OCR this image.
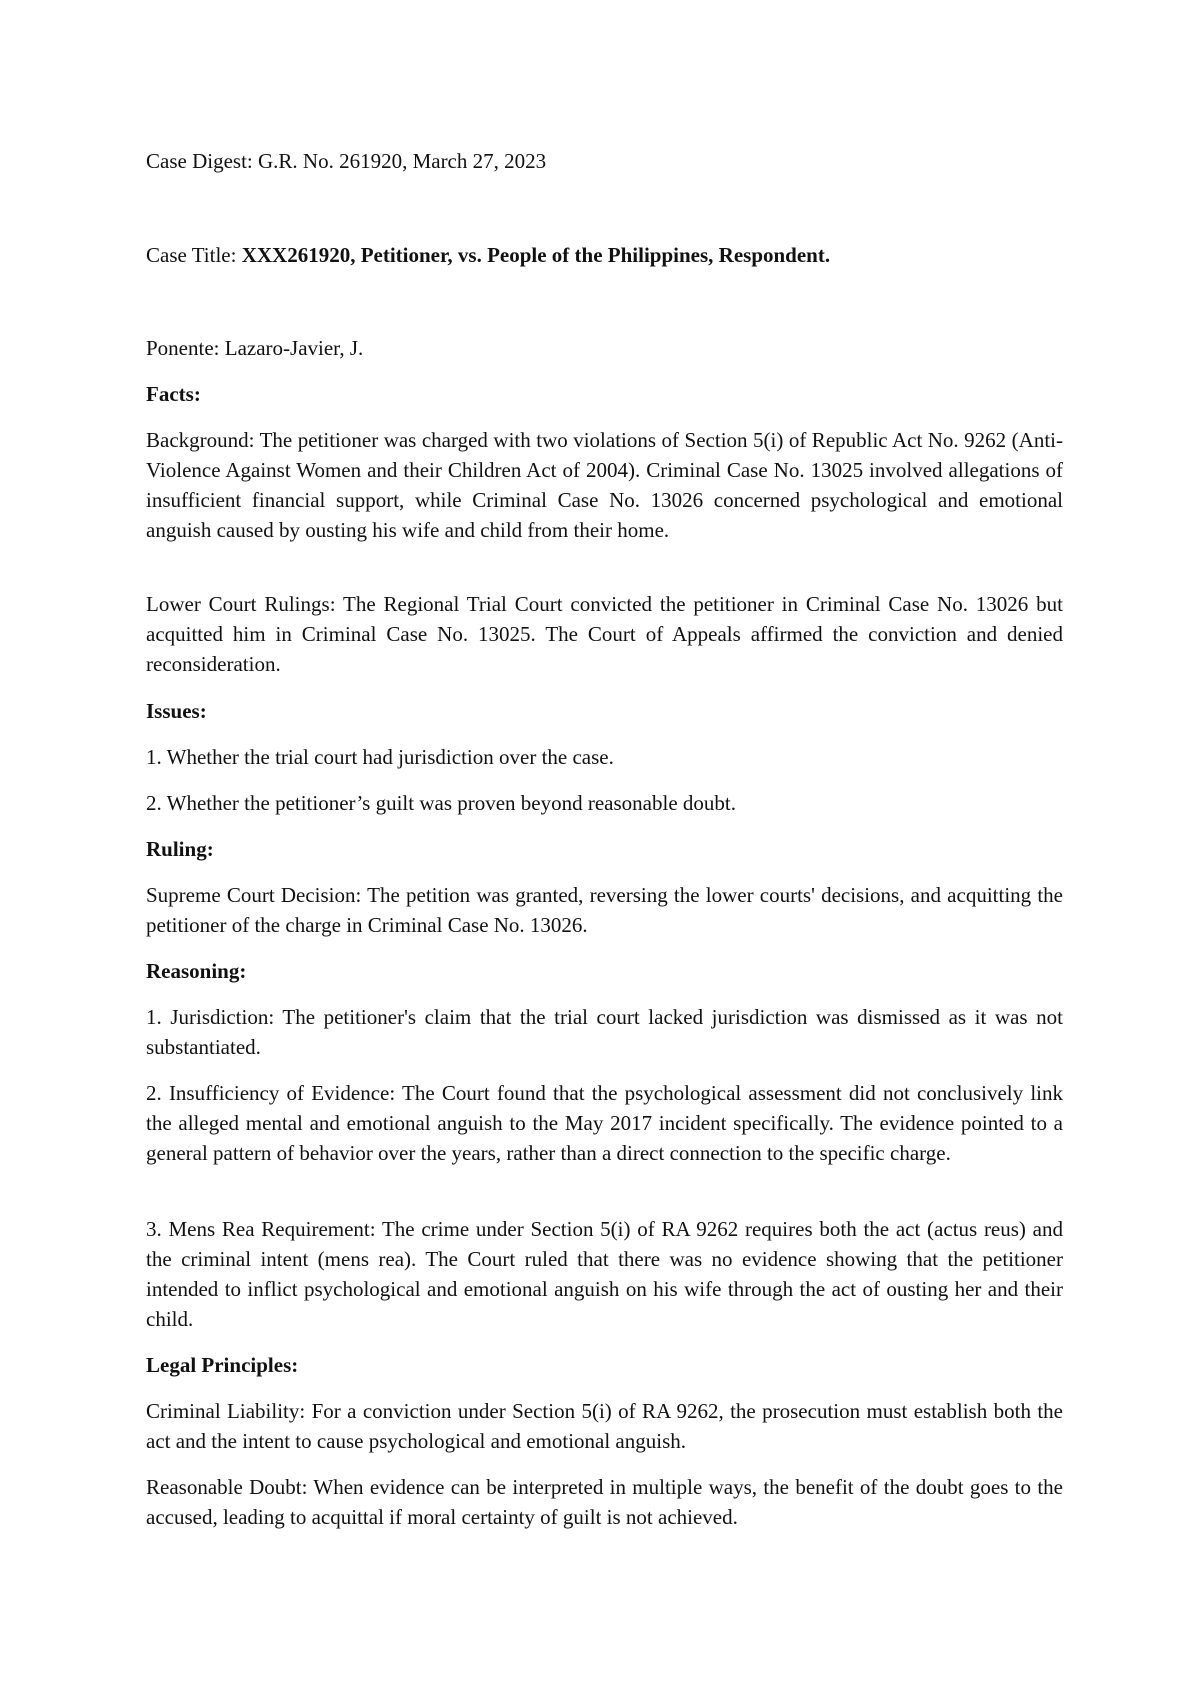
Case Digest: G.R. No. 261920, March 27, 2023

Case Title: XXX261920, Petitioner, vs. People of the Philippines, Respondent.

Ponente: Lazaro-Javier, J.

Facts:

Background: The petitioner was charged with two violations of Section 5(i) of Republic Act No. 9262 (Anti-Violence Against Women and their Children Act of 2004). Criminal Case No. 13025 involved allegations of insufficient financial support, while Criminal Case No. 13026 concerned psychological and emotional anguish caused by ousting his wife and child from their home.

Lower Court Rulings: The Regional Trial Court convicted the petitioner in Criminal Case No. 13026 but acquitted him in Criminal Case No. 13025. The Court of Appeals affirmed the conviction and denied reconsideration.

Issues:

1. Whether the trial court had jurisdiction over the case.

2. Whether the petitioner’s guilt was proven beyond reasonable doubt.

Ruling:

Supreme Court Decision: The petition was granted, reversing the lower courts' decisions, and acquitting the petitioner of the charge in Criminal Case No. 13026.

Reasoning:

1. Jurisdiction: The petitioner's claim that the trial court lacked jurisdiction was dismissed as it was not substantiated.

2. Insufficiency of Evidence: The Court found that the psychological assessment did not conclusively link the alleged mental and emotional anguish to the May 2017 incident specifically. The evidence pointed to a general pattern of behavior over the years, rather than a direct connection to the specific charge.

3. Mens Rea Requirement: The crime under Section 5(i) of RA 9262 requires both the act (actus reus) and the criminal intent (mens rea). The Court ruled that there was no evidence showing that the petitioner intended to inflict psychological and emotional anguish on his wife through the act of ousting her and their child.

Legal Principles:

Criminal Liability: For a conviction under Section 5(i) of RA 9262, the prosecution must establish both the act and the intent to cause psychological and emotional anguish.

Reasonable Doubt: When evidence can be interpreted in multiple ways, the benefit of the doubt goes to the accused, leading to acquittal if moral certainty of guilt is not achieved.
